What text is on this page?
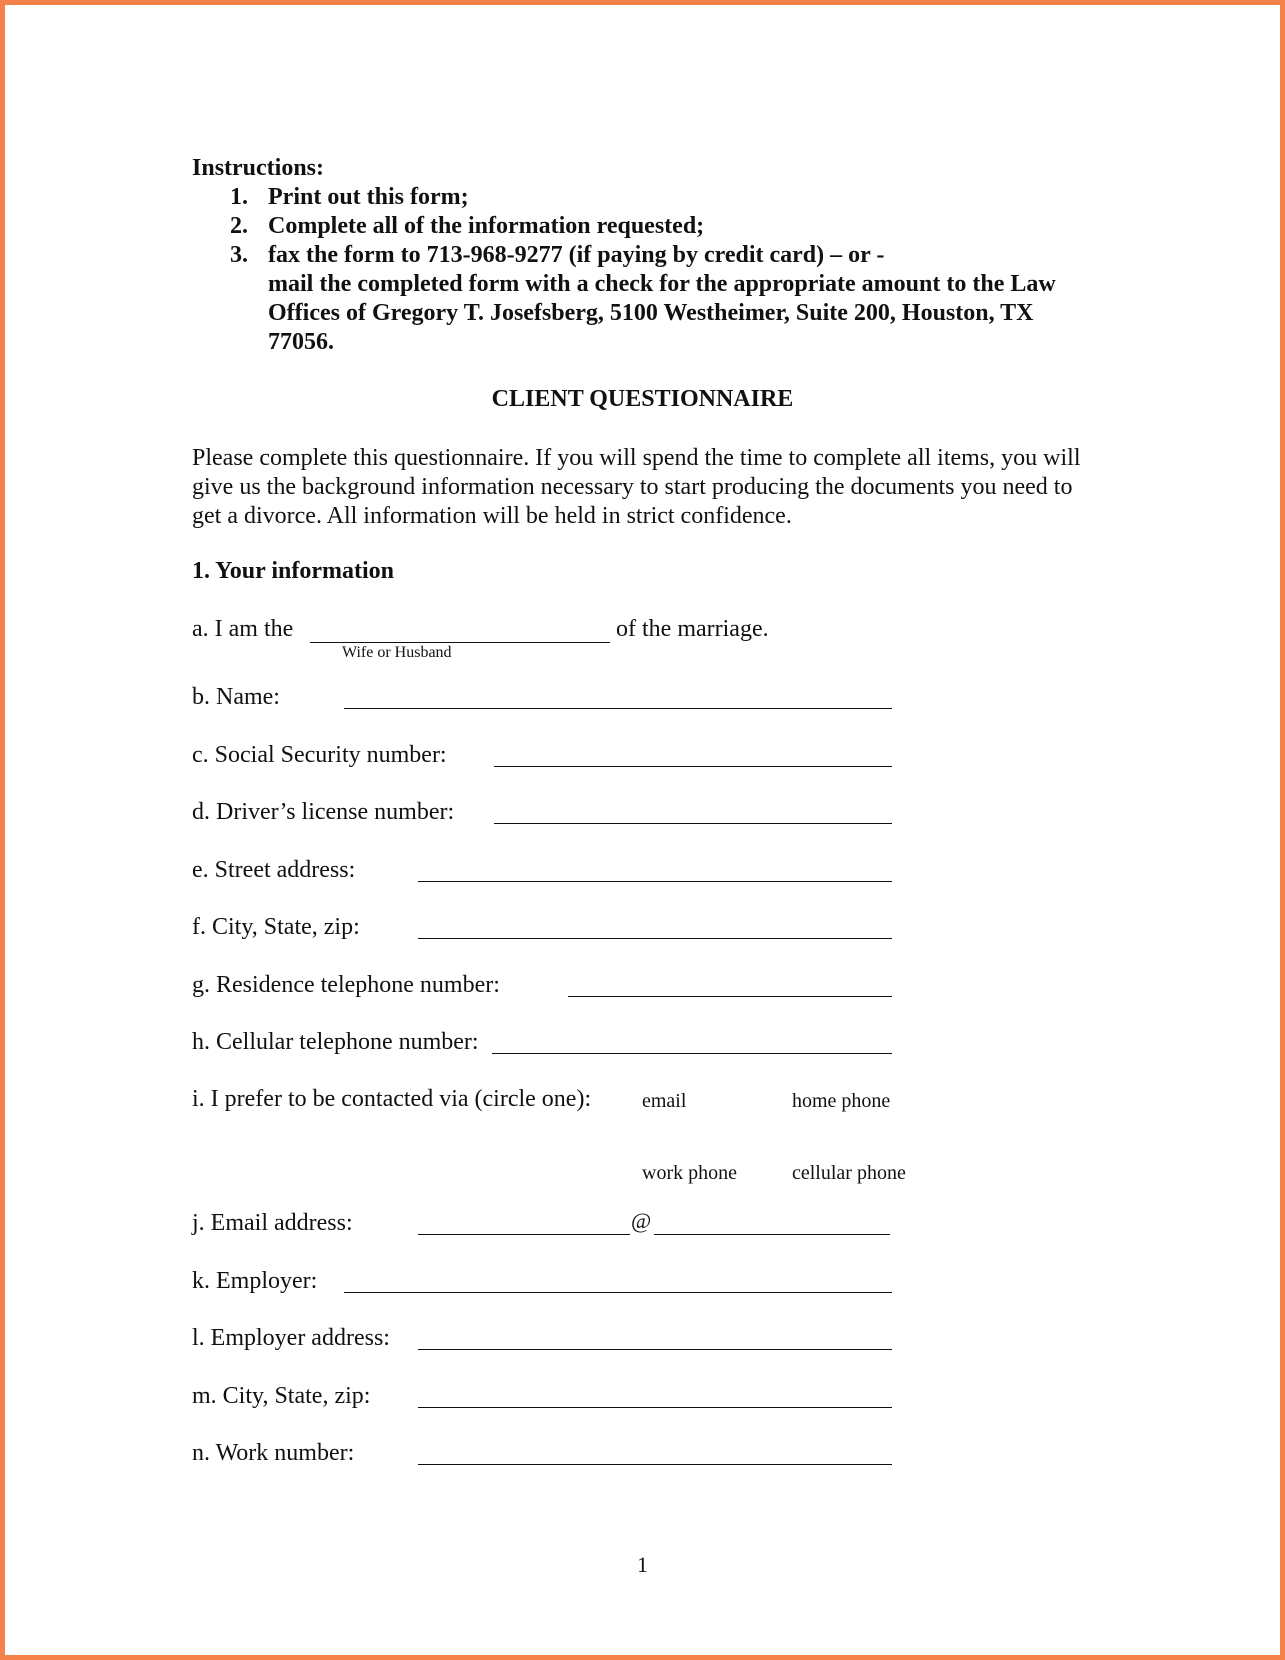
Instructions:
1. Print out this form;
2. Complete all of the information requested;
3. fax the form to 713-968-9277 (if paying by credit card) – or -
mail the completed form with a check for the appropriate amount to the Law
Offices of Gregory T. Josefsberg, 5100 Westheimer, Suite 200, Houston, TX
77056.
CLIENT QUESTIONNAIRE
Please complete this questionnaire. If you will spend the time to complete all items, you will give us the background information necessary to start producing the documents you need to get a divorce. All information will be held in strict confidence.
1. Your information
a. I am the	of the marriage.
Wife or Husband
b. Name:
c. Social Security number:
d. Driver’s license number:
e. Street address:
f. City, State, zip:
g. Residence telephone number:
h. Cellular telephone number:
i. I prefer to be contacted via (circle one):	email	home phone
work phone	cellular phone
j. Email address:	@
k. Employer:
l. Employer address:
m. City, State, zip:
n. Work number:
1
